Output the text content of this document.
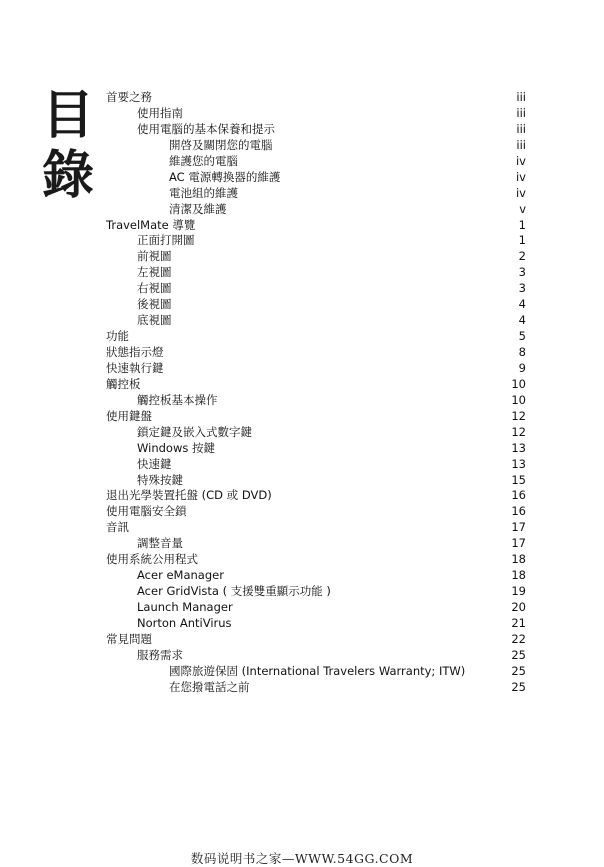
目
錄
首要之務	iii
使用指南	iii
使用電腦的基本保養和提示	iii
開啓及關閉您的電腦	iii
維護您的電腦	iv
AC 電源轉換器的維護	iv
電池組的維護	iv
清潔及維護	v
TravelMate 導覽	1
正面打開圖	1
前視圖	2
左視圖	3
右視圖	3
後視圖	4
底視圖	4
功能	5
狀態指示燈	8
快速執行鍵	9
觸控板	10
觸控板基本操作	10
使用鍵盤	12
鎖定鍵及嵌入式數字鍵	12
Windows 按鍵	13
快速鍵	13
特殊按鍵	15
退出光學裝置托盤 (CD 或 DVD)	16
使用電腦安全鎖	16
音訊	17
調整音量	17
使用系統公用程式	18
Acer eManager	18
Acer GridVista ( 支援雙重顯示功能 )	19
Launch Manager	20
Norton AntiVirus	21
常見問題	22
服務需求	25
國際旅遊保固 (International Travelers Warranty; ITW)	25
在您撥電話之前	25
数码说明书之家—WWW.54GG.COM
